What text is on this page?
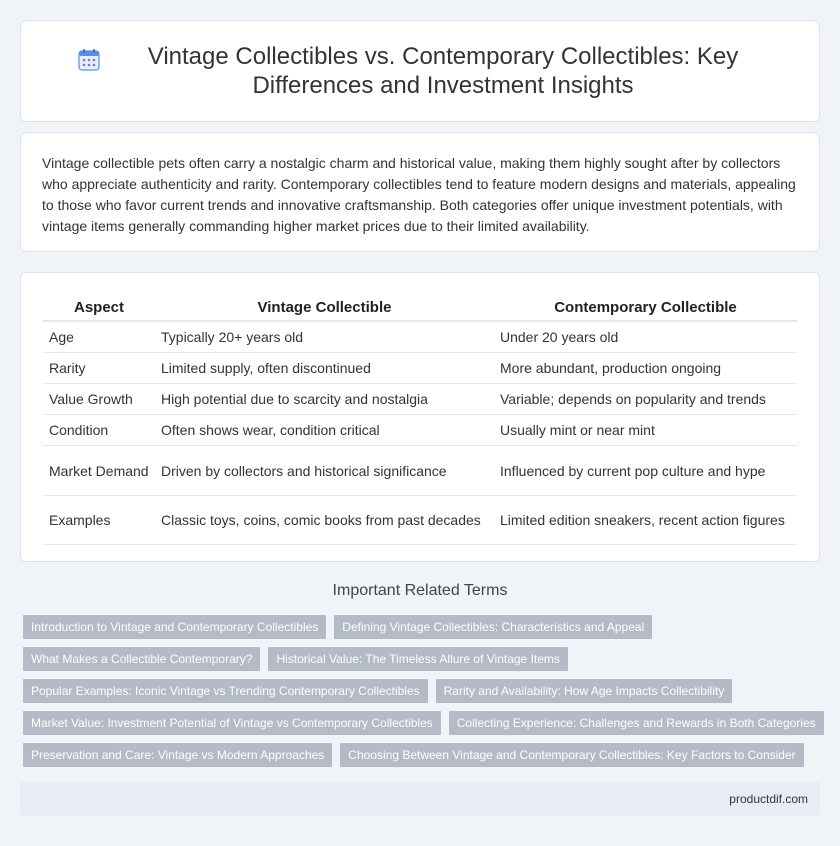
Vintage Collectibles vs. Contemporary Collectibles: Key Differences and Investment Insights

Vintage collectible pets often carry a nostalgic charm and historical value, making them highly sought after by collectors who appreciate authenticity and rarity. Contemporary collectibles tend to feature modern designs and materials, appealing to those who favor current trends and innovative craftsmanship. Both categories offer unique investment potentials, with vintage items generally commanding higher market prices due to their limited availability.

Aspect	Vintage Collectible	Contemporary Collectible
Age	Typically 20+ years old	Under 20 years old
Rarity	Limited supply, often discontinued	More abundant, production ongoing
Value Growth	High potential due to scarcity and nostalgia	Variable; depends on popularity and trends
Condition	Often shows wear, condition critical	Usually mint or near mint
Market Demand	Driven by collectors and historical significance	Influenced by current pop culture and hype
Examples	Classic toys, coins, comic books from past decades	Limited edition sneakers, recent action figures
Important Related Terms
Introduction to Vintage and Contemporary Collectibles	Defining Vintage Collectibles: Characteristics and Appeal
What Makes a Collectible Contemporary?	Historical Value: The Timeless Allure of Vintage Items
Popular Examples: Iconic Vintage vs Trending Contemporary Collectibles	Rarity and Availability: How Age Impacts Collectibility
Market Value: Investment Potential of Vintage vs Contemporary Collectibles	Collecting Experience: Challenges and Rewards in Both Categories
Preservation and Care: Vintage vs Modern Approaches	Choosing Between Vintage and Contemporary Collectibles: Key Factors to Consider
productdif.com
